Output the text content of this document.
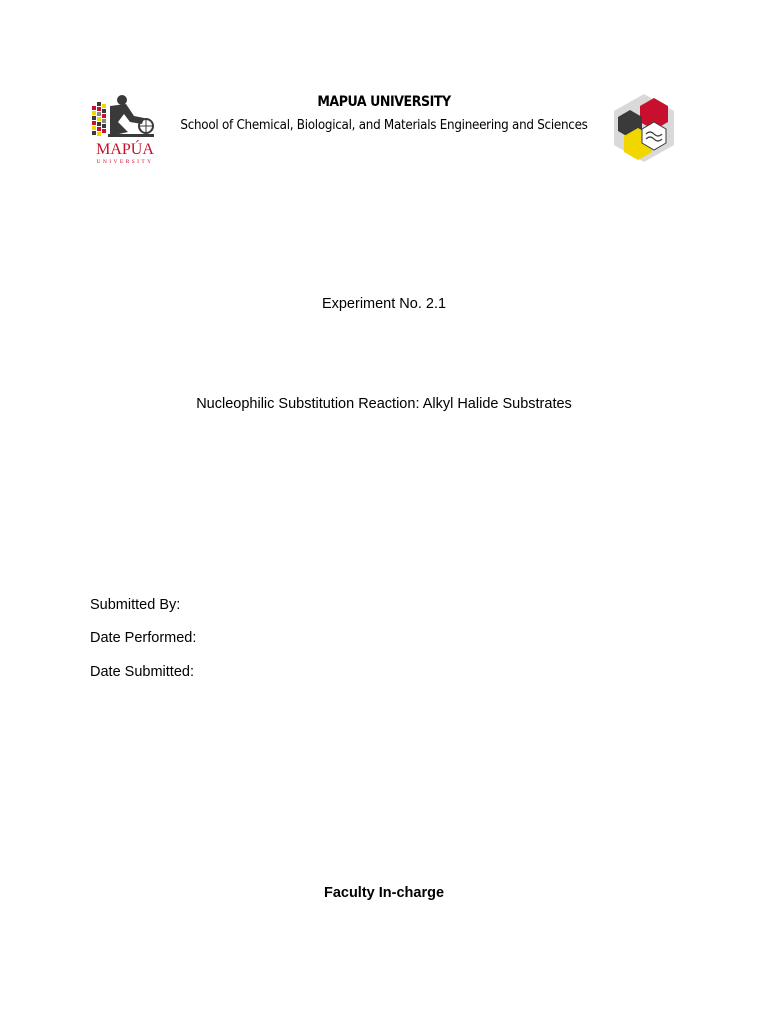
MAPÚA
UNIVERSITY
MAPUA UNIVERSITY
School of Chemical, Biological, and Materials Engineering and Sciences
Experiment No. 2.1
Nucleophilic Substitution Reaction: Alkyl Halide Substrates
Submitted By:
Date Performed:
Date Submitted:
Faculty In-charge
